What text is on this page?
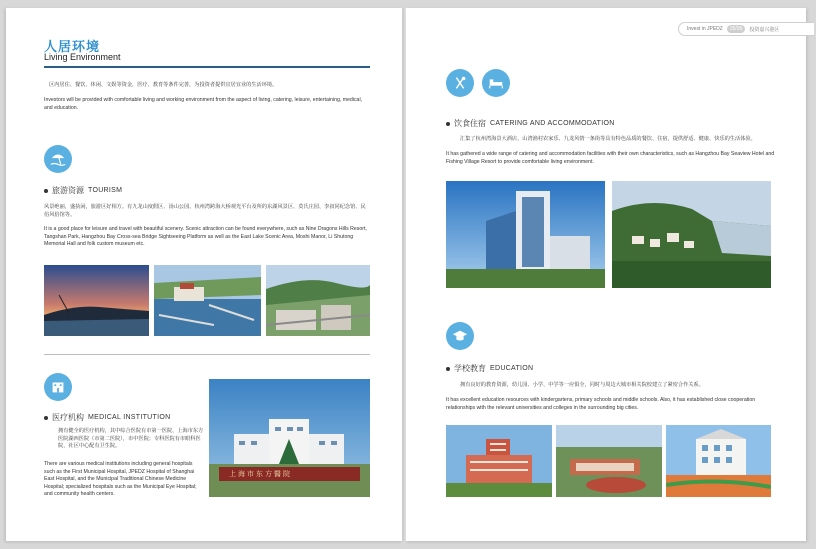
人居环境
Living Environment
区内居住、餐饮、休闲、文娱等资金，医疗、教育等条件完善，为投资者提供宜居宜业的生活环境。
Investors will be provided with comfortable living and working environment from the aspect of living, catering, leisure, entertaining, medical, and education.
旅游资源 TOURISM
风景绝丽，盛执闲，旅游区好相方。有九龙山度假区、汤山公园、杭州湾跨海大桥观光平台及所的东湖风景区、莫氏庄园、李叔同纪念馆、民俗风俗馆等。
It is a good place for leisure and travel with beautiful scenery. Scenic attraction can be found everywhere, such as Nine Dragons Hills Resort, Tangshan Park, Hangzhou Bay Cross-sea Bridge Sightseeing Platform as well as the East Lake Scenic Area, Moshi Manor, Li Shutong Memorial Hall and folk custom museum etc.
医疗机构 MEDICAL INSTITUTION
拥有健全的医疗机构，其中综合医院有市第一医院、上海市东方医院湖西医院（市第二医院），市中医院；专科医院有市眼科医院，社区中心配有卫生院。
There are various medical institutions including general hospitals such as the First Municipal Hospital, JPEDZ Hospital of Shanghai East Hospital, and the Municipal Traditional Chinese Medicine Hospital; specialized hospitals such as the Municipal Eye Hospital; and community health centers.
上海市东方醫院
Invest in JPEDZ	25/26	投资嘉兴港区
饮食住宿 CATERING AND ACCOMMODATION
汇集了杭州湾海景大酒店、山湾渔村农家乐、九龙风情一条街等具有特色品质的餐饮、住宿，提供舒适、健康、快乐的生活体验。
It has gathered a wide range of catering and accommodation facilities with their own characteristics, such as Hangzhou Bay Seaview Hotel and Fishing Village Resort to provide comfortable living environment.
学校教育 EDUCATION
拥有良好的教育资源，幼儿园、小学、中学等一应俱全，同时与周边大城市相关院校建立了紧密合作关系。
It has excellent education resources with kindergartens, primary schools and middle schools. Also, it has established close cooperation relationships with the relevant universities and colleges in the surrounding big cities.
